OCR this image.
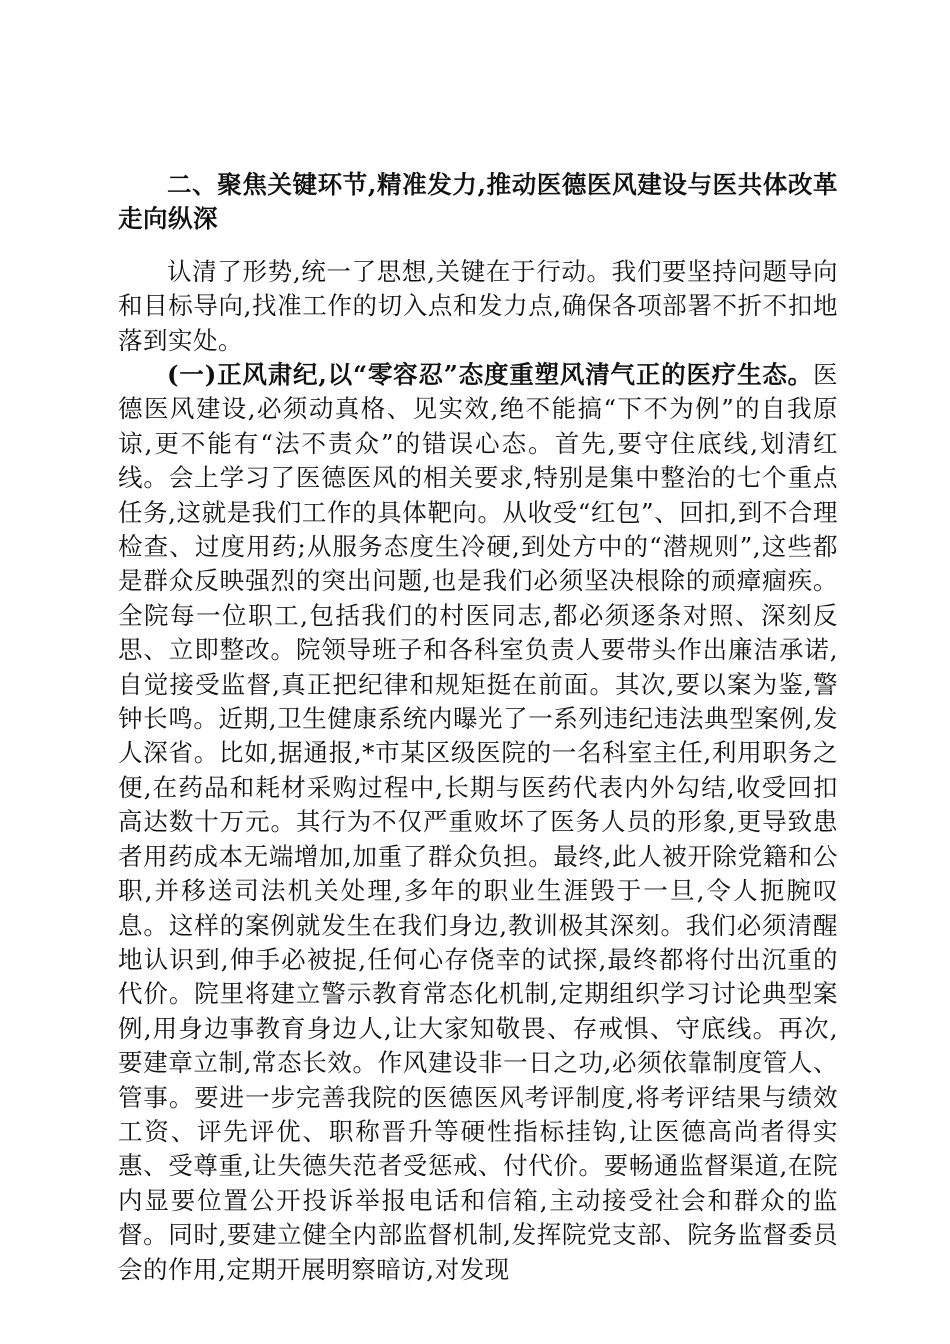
二、聚焦关键环节,精准发力,推动医德医风建设与医共体改革走向纵深

认清了形势,统一了思想,关键在于行动。我们要坚持问题导向和目标导向,找准工作的切入点和发力点,确保各项部署不折不扣地落到实处。

(一)正风肃纪,以“零容忍”态度重塑风清气正的医疗生态。医德医风建设,必须动真格、见实效,绝不能搞“下不为例”的自我原谅,更不能有“法不责众”的错误心态。首先,要守住底线,划清红线。会上学习了医德医风的相关要求,特别是集中整治的七个重点任务,这就是我们工作的具体靶向。从收受“红包”、回扣,到不合理检查、过度用药;从服务态度生冷硬,到处方中的“潜规则”,这些都是群众反映强烈的突出问题,也是我们必须坚决根除的顽瘴痼疾。全院每一位职工,包括我们的村医同志,都必须逐条对照、深刻反思、立即整改。院领导班子和各科室负责人要带头作出廉洁承诺,自觉接受监督,真正把纪律和规矩挺在前面。其次,要以案为鉴,警钟长鸣。近期,卫生健康系统内曝光了一系列违纪违法典型案例,发人深省。比如,据通报,*市某区级医院的一名科室主任,利用职务之便,在药品和耗材采购过程中,长期与医药代表内外勾结,收受回扣高达数十万元。其行为不仅严重败坏了医务人员的形象,更导致患者用药成本无端增加,加重了群众负担。最终,此人被开除党籍和公职,并移送司法机关处理,多年的职业生涯毁于一旦,令人扼腕叹息。这样的案例就发生在我们身边,教训极其深刻。我们必须清醒地认识到,伸手必被捉,任何心存侥幸的试探,最终都将付出沉重的代价。院里将建立警示教育常态化机制,定期组织学习讨论典型案例,用身边事教育身边人,让大家知敬畏、存戒惧、守底线。再次,要建章立制,常态长效。作风建设非一日之功,必须依靠制度管人、管事。要进一步完善我院的医德医风考评制度,将考评结果与绩效工资、评先评优、职称晋升等硬性指标挂钩,让医德高尚者得实惠、受尊重,让失德失范者受惩戒、付代价。要畅通监督渠道,在院内显要位置公开投诉举报电话和信箱,主动接受社会和群众的监督。同时,要建立健全内部监督机制,发挥院党支部、院务监督委员会的作用,定期开展明察暗访,对发现
